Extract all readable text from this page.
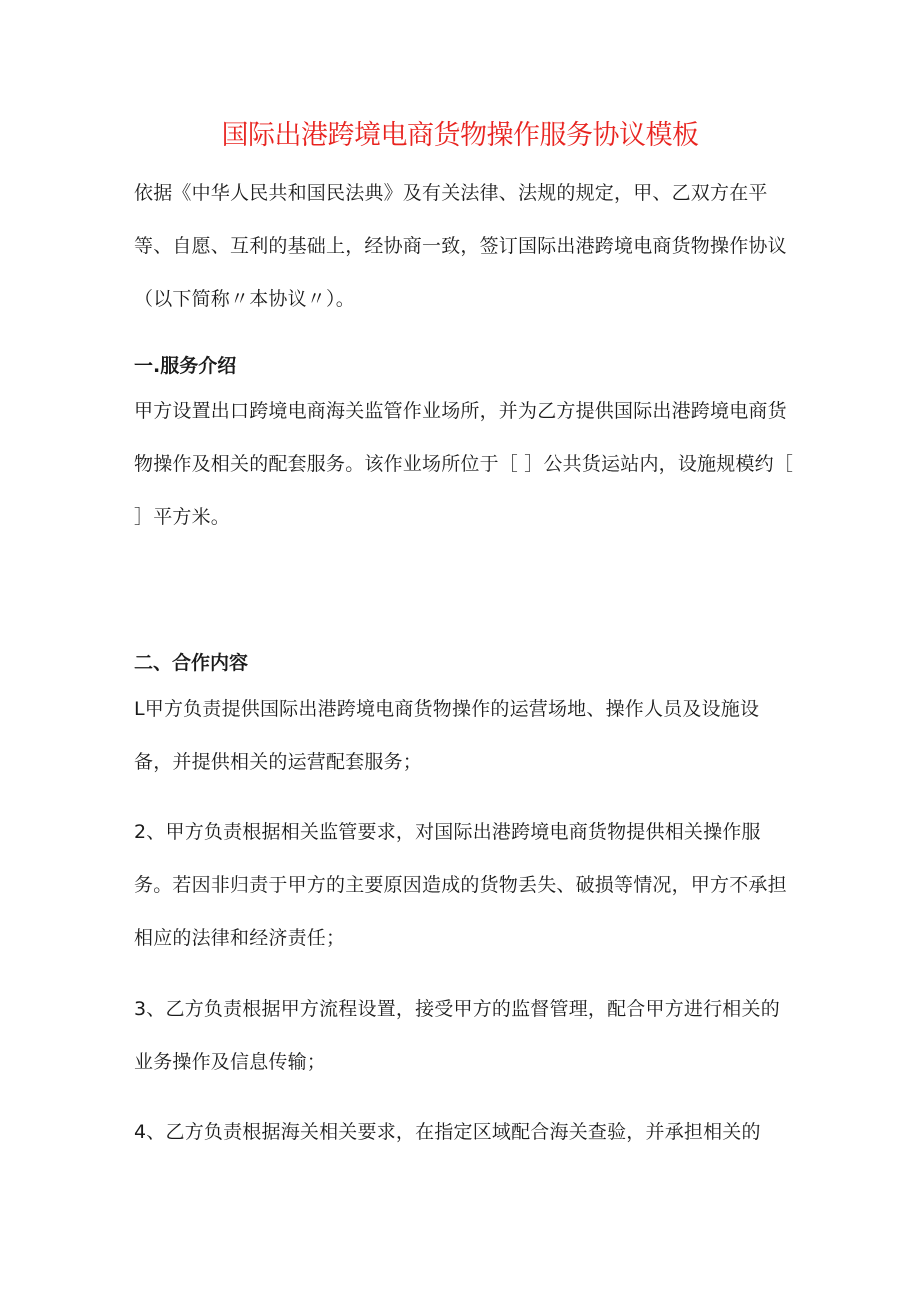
国际出港跨境电商货物操作服务协议模板
依据《中华人民共和国民法典》及有关法律、法规的规定，甲、乙双方在平等、自愿、互利的基础上，经协商一致，签订国际出港跨境电商货物操作协议（以下简称〃本协议〃）。
一.服务介绍
甲方设置出口跨境电商海关监管作业场所，并为乙方提供国际出港跨境电商货物操作及相关的配套服务。该作业场所位于［ ］公共货运站内，设施规模约［ ］平方米。
二、合作内容
L甲方负责提供国际出港跨境电商货物操作的运营场地、操作人员及设施设备，并提供相关的运营配套服务；
2、甲方负责根据相关监管要求，对国际出港跨境电商货物提供相关操作服务。若因非归责于甲方的主要原因造成的货物丢失、破损等情况，甲方不承担相应的法律和经济责任；
3、乙方负责根据甲方流程设置，接受甲方的监督管理，配合甲方进行相关的业务操作及信息传输；
4、乙方负责根据海关相关要求，在指定区域配合海关查验，并承担相关的
